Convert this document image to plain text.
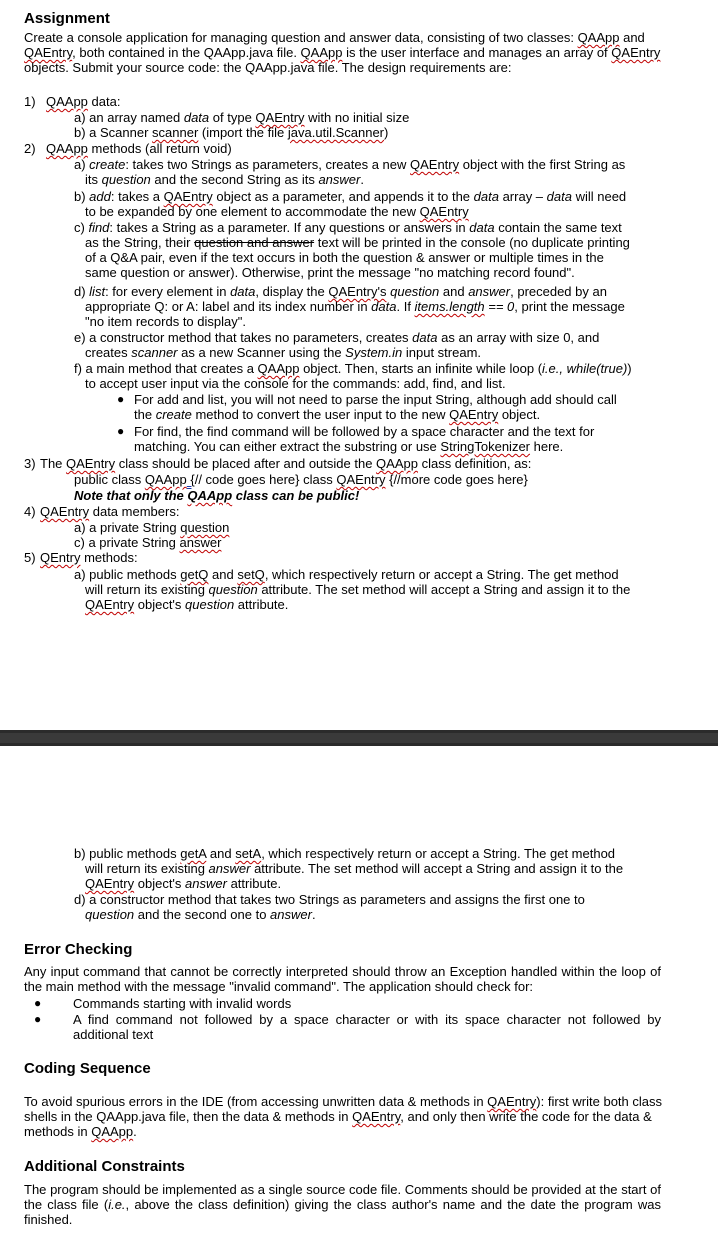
Assignment

Create a console application for managing question and answer data, consisting of two classes: QAApp and QAEntry, both contained in the QAApp.java file. QAApp is the user interface and manages an array of QAEntry objects. Submit your source code: the QAApp.java file. The design requirements are:

1) QAApp data:
a) an array named data of type QAEntry with no initial size
b) a Scanner scanner (import the file java.util.Scanner)
2) QAApp methods (all return void)
a) create: takes two Strings as parameters, creates a new QAEntry object with the first String as
its question and the second String as its answer.
b) add: takes a QAEntry object as a parameter, and appends it to the data array – data will need
to be expanded by one element to accommodate the new QAEntry
c) find: takes a String as a parameter. If any questions or answers in data contain the same text
as the String, their question and answer text will be printed in the console (no duplicate printing
of a Q&A pair, even if the text occurs in both the question & answer or multiple times in the
same question or answer). Otherwise, print the message "no matching record found".
d) list: for every element in data, display the QAEntry's question and answer, preceded by an
appropriate Q: or A: label and its index number in data. If items.length == 0, print the message
"no item records to display".
e) a constructor method that takes no parameters, creates data as an array with size 0, and
creates scanner as a new Scanner using the System.in input stream.
f) a main method that creates a QAApp object. Then, starts an infinite while loop (i.e., while(true))
to accept user input via the console for the commands: add, find, and list.
● For add and list, you will not need to parse the input String, although add should call
the create method to convert the user input to the new QAEntry object.
● For find, the find command will be followed by a space character and the text for
matching. You can either extract the substring or use StringTokenizer here.
3) The QAEntry class should be placed after and outside the QAApp class definition, as:
public class QAApp {// code goes here} class QAEntry {//more code goes here}
Note that only the QAApp class can be public!
4) QAEntry data members:
a) a private String question
c) a private String answer
5) QEntry methods:
a) public methods getQ and setQ, which respectively return or accept a String. The get method
will return its existing question attribute. The set method will accept a String and assign it to the
QAEntry object's question attribute.
b) public methods getA and setA, which respectively return or accept a String. The get method
will return its existing answer attribute. The set method will accept a String and assign it to the
QAEntry object's answer attribute.
d) a constructor method that takes two Strings as parameters and assigns the first one to
question and the second one to answer.
Error Checking

Any input command that cannot be correctly interpreted should throw an Exception handled within the loop of the main method with the message "invalid command". The application should check for:

● Commands starting with invalid words
● A find command not followed by a space character or with its space character not followed by additional text
Coding Sequence

To avoid spurious errors in the IDE (from accessing unwritten data & methods in QAEntry): first write both class shells in the QAApp.java file, then the data & methods in QAEntry, and only then write the code for the data & methods in QAApp.

Additional Constraints

The program should be implemented as a single source code file. Comments should be provided at the start of the class file (i.e., above the class definition) giving the class author's name and the date the program was finished.
